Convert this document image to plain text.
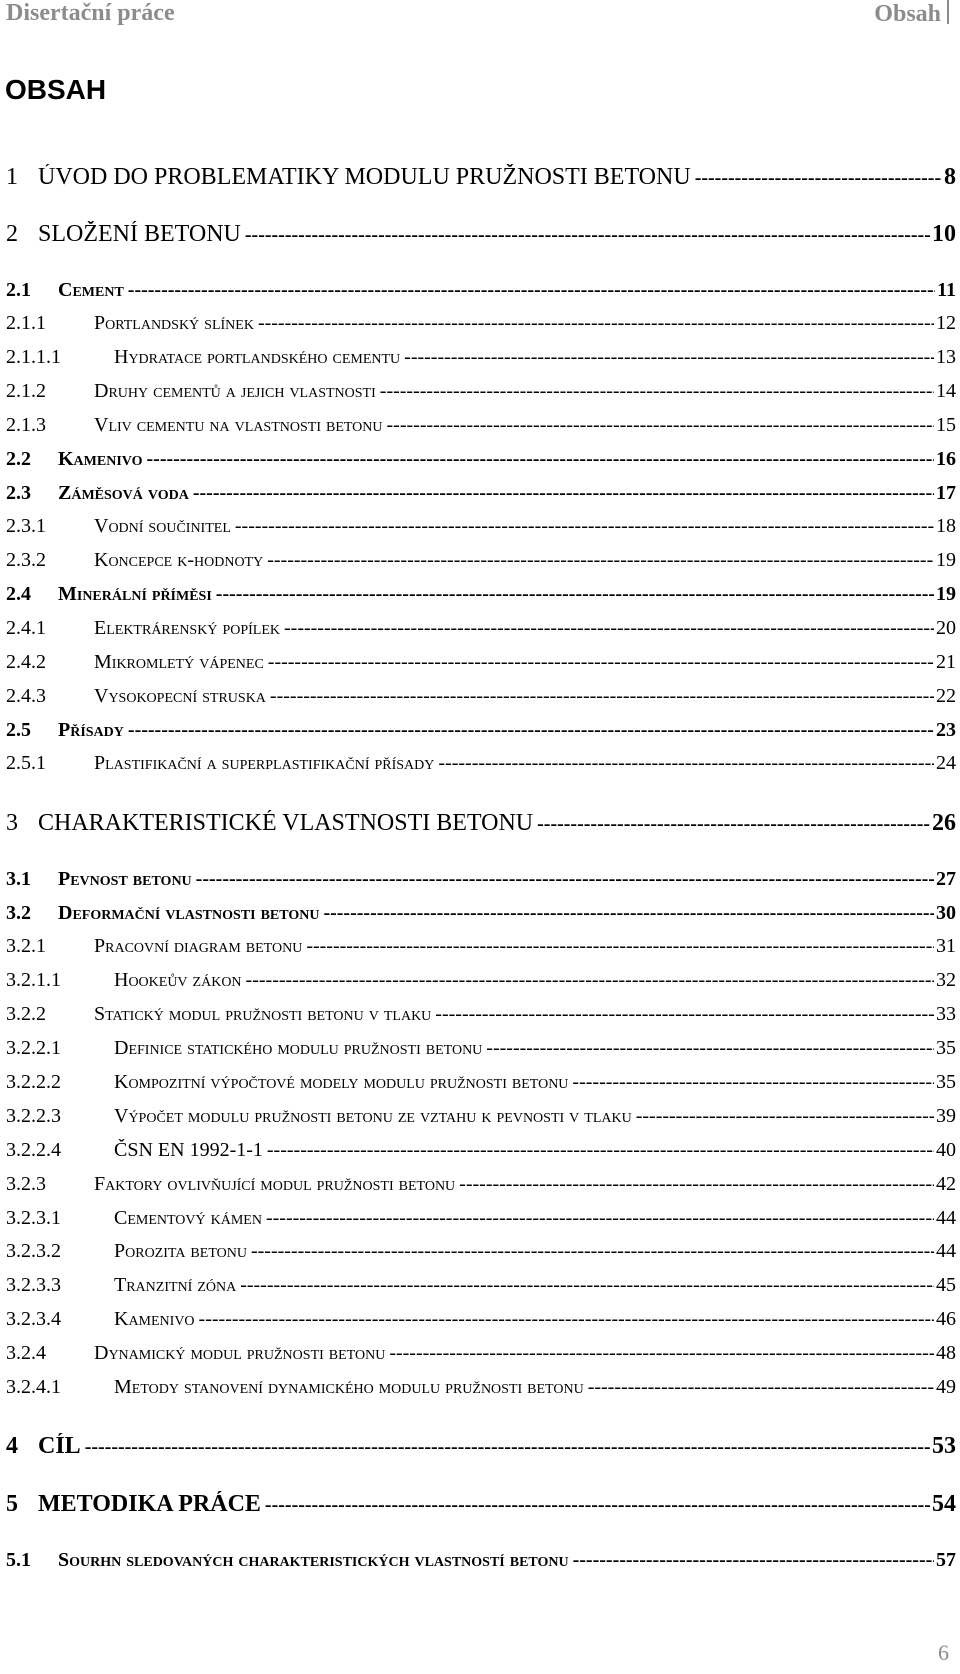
Disertační práce	Obsah
OBSAH
1 ÚVOD DO PROBLEMATIKY MODULU PRUŽNOSTI BETONU -----	8
2 SLOŽENÍ BETONU -----	10
2.1	Cement -----	11
2.1.1	Portlandský slínek -----	12
2.1.1.1	Hydratace portlandského cementu -----	13
2.1.2	Druhy cementů a jejich vlastnosti -----	14
2.1.3	Vliv cementu na vlastnosti betonu -----	15
2.2	Kamenivo -----	16
2.3	Záměsová voda -----	17
2.3.1	Vodní součinitel -----	18
2.3.2	Koncepce k-hodnoty -----	19
2.4	Minerální příměsi -----	19
2.4.1	Elektrárenský popílek -----	20
2.4.2	Mikromletý vápenec -----	21
2.4.3	Vysokopecní struska -----	22
2.5	Přísady -----	23
2.5.1	Plastifikační a superplastifikační přísady -----	24
3 CHARAKTERISTICKÉ VLASTNOSTI BETONU -----	26
3.1	Pevnost betonu -----	27
3.2	Deformační vlastnosti betonu -----	30
3.2.1	Pracovní diagram betonu -----	31
3.2.1.1	Hookeův zákon -----	32
3.2.2	Statický modul pružnosti betonu v tlaku -----	33
3.2.2.1	Definice statického modulu pružnosti betonu -----	35
3.2.2.2	Kompozitní výpočtové modely modulu pružnosti betonu -----	35
3.2.2.3	Výpočet modulu pružnosti betonu ze vztahu k pevnosti v tlaku -----	39
3.2.2.4	ČSN EN 1992-1-1 -----	40
3.2.3	Faktory ovlivňující modul pružnosti betonu -----	42
3.2.3.1	Cementový kámen -----	44
3.2.3.2	Porozita betonu -----	44
3.2.3.3	Tranzitní zóna -----	45
3.2.3.4	Kamenivo -----	46
3.2.4	Dynamický modul pružnosti betonu -----	48
3.2.4.1	Metody stanovení dynamického modulu pružnosti betonu -----	49
4 CÍL -----	53
5 METODIKA PRÁCE -----	54
5.1	Sourhn sledovaných charakteristických vlastností betonu -----	57
6
